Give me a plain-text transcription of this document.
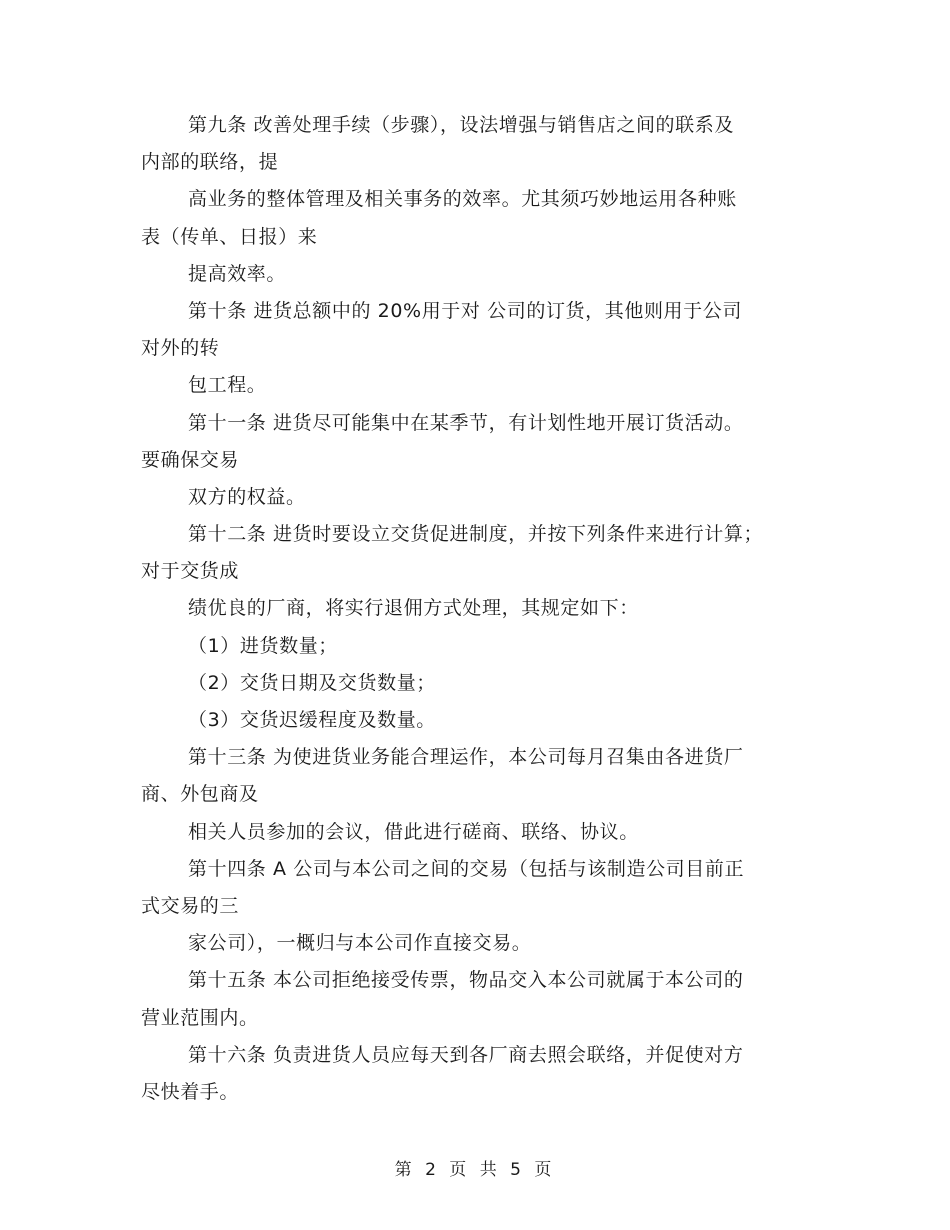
第九条 改善处理手续（步骤），设法增强与销售店之间的联系及
内部的联络，提
高业务的整体管理及相关事务的效率。尤其须巧妙地运用各种账
表（传单、日报）来
提高效率。
第十条 进货总额中的 20%用于对 公司的订货，其他则用于公司
对外的转
包工程。
第十一条 进货尽可能集中在某季节，有计划性地开展订货活动。
要确保交易
双方的权益。
第十二条 进货时要设立交货促进制度，并按下列条件来进行计算；
对于交货成
绩优良的厂商，将实行退佣方式处理，其规定如下：
（1）进货数量；
（2）交货日期及交货数量；
（3）交货迟缓程度及数量。
第十三条 为使进货业务能合理运作，本公司每月召集由各进货厂
商、外包商及
相关人员参加的会议，借此进行磋商、联络、协议。
第十四条 A 公司与本公司之间的交易（包括与该制造公司目前正
式交易的三
家公司），一概归与本公司作直接交易。
第十五条 本公司拒绝接受传票，物品交入本公司就属于本公司的
营业范围内。
第十六条 负责进货人员应每天到各厂商去照会联络，并促使对方
尽快着手。
第 2 页 共 5 页
